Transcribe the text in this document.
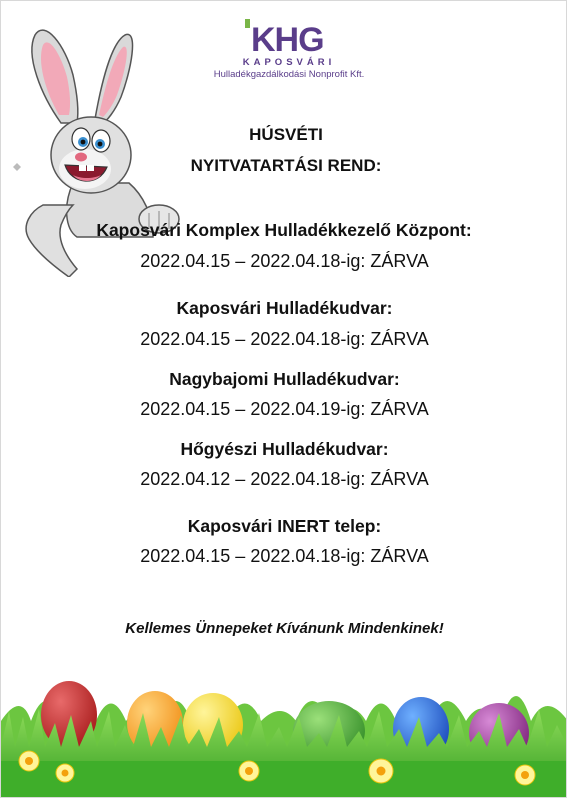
KHG
KAPOSVÁRI
Hulladékgazdálkodási Nonprofit Kft.
HÚSVÉTI
NYITVATARTÁSI REND:
Kaposvári Komplex Hulladékkezelő Központ:
2022.04.15 – 2022.04.18-ig: ZÁRVA
Kaposvári Hulladékudvar:
2022.04.15 – 2022.04.18-ig: ZÁRVA
Nagybajomi Hulladékudvar:
2022.04.15 – 2022.04.19-ig: ZÁRVA
Hőgyészi Hulladékudvar:
2022.04.12 – 2022.04.18-ig: ZÁRVA
Kaposvári INERT telep:
2022.04.15 – 2022.04.18-ig: ZÁRVA
Kellemes Ünnepeket Kívánunk Mindenkinek!
